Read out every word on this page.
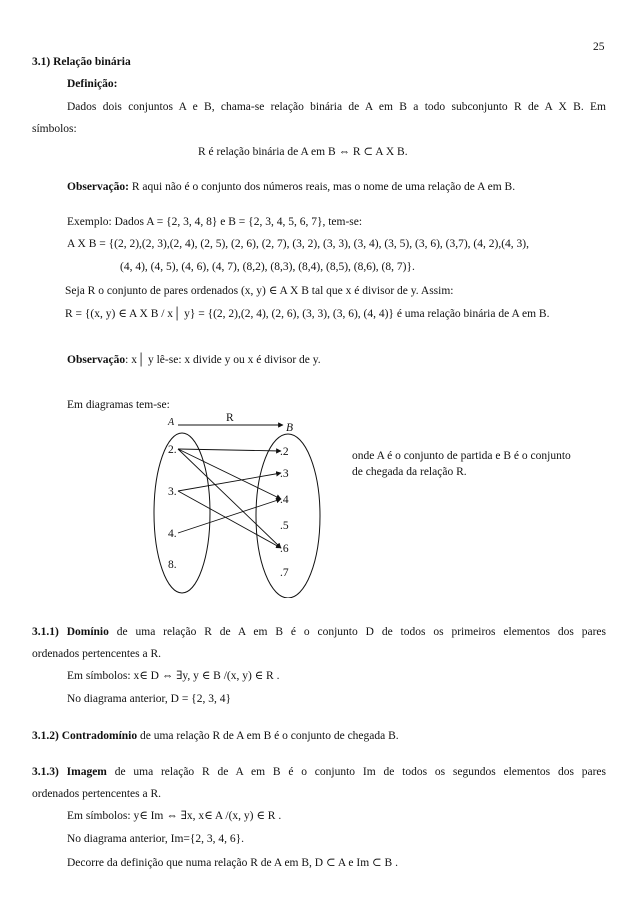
25
3.1) Relação binária
Definição:
Dados dois conjuntos A e B, chama-se relação binária de A em B a todo subconjunto R de A X B. Em
símbolos:
R é relação binária de A em B ⇔ R ⊂ A X B.
Observação: R aqui não é o conjunto dos números reais, mas o nome de uma relação de A em B.
Exemplo: Dados A = {2, 3, 4, 8} e B = {2, 3, 4, 5, 6, 7}, tem-se:
A X B = {(2, 2),(2, 3),(2, 4), (2, 5), (2, 6), (2, 7), (3, 2), (3, 3), (3, 4), (3, 5), (3, 6), (3,7), (4, 2),(4, 3),
(4, 4), (4, 5), (4, 6), (4, 7), (8,2), (8,3), (8,4), (8,5), (8,6), (8, 7)}.
Seja R o conjunto de pares ordenados (x, y) ∈ A X B tal que x é divisor de y. Assim:
R = {(x, y) ∈ A X B / x│ y} = {(2, 2),(2, 4), (2, 6), (3, 3), (3, 6), (4, 4)} é uma relação binária de A em B.
Observação: x│ y lê-se: x divide y ou x é divisor de y.
Em diagramas tem-se:
A	R
B
2.
3.
4.
8.
.2
.3
.4
.5
.6
.7
onde A é o conjunto de partida e B é o conjunto
de chegada da relação R.
3.1.1) Domínio de uma relação R de A em B é o conjunto D de todos os primeiros elementos dos pares
ordenados pertencentes a R.
Em símbolos: x∈ D ⇔ ∃y, y ∈ B /(x, y) ∈ R .
No diagrama anterior, D = {2, 3, 4}
3.1.2) Contradomínio de uma relação R de A em B é o conjunto de chegada B.
3.1.3) Imagem de uma relação R de A em B é o conjunto Im de todos os segundos elementos dos pares
ordenados pertencentes a R.
Em símbolos: y∈ Im ⇔ ∃x, x∈ A /(x, y) ∈ R .
No diagrama anterior, Im={2, 3, 4, 6}.
Decorre da definição que numa relação R de A em B, D ⊂ A e Im ⊂ B .
